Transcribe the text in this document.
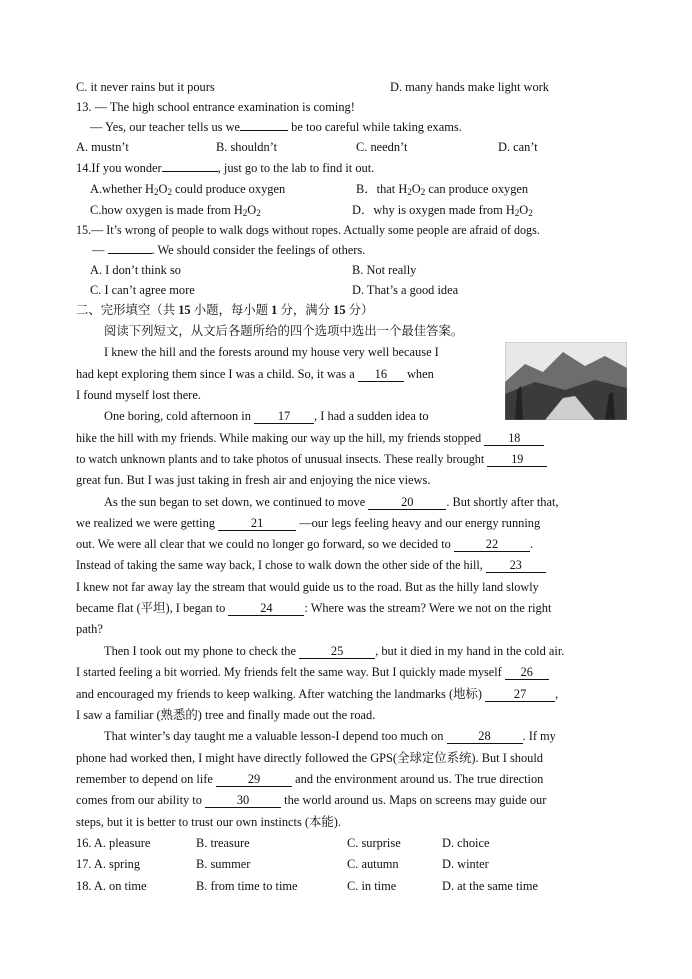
C. it never rains but it pours	D. many hands make light work
13. — The high school entrance examination is coming!
— Yes, our teacher tells us we	be too careful while taking exams.
A. mustn’t	B. shouldn’t	C. needn’t	D. can’t
14.If you wonder	, just go to the lab to find it out.
A.whether $H_2O_2$ could produce oxygen	B．that $H_2O_2$ can produce oxygen
C.how oxygen is made from $H_2O_2$	D．why is oxygen made from $H_2O_2$
15.— It’s wrong of people to walk dogs without ropes. Actually some people are afraid of dogs.
—	. We should consider the feelings of others.
A. I don’t think so	B. Not really
C. I can’t agree more	D. That’s a good idea
二、完形填空（共 15 小题，每小题 1 分，满分 15 分）
阅读下列短文，从文后各题所给的四个选项中选出一个最佳答案。
I knew the hill and the forests around my house very well because I
had kept exploring them since I was a child. So, it was a 16 when
I found myself lost there.
One boring, cold afternoon in 17 , I had a sudden idea to
hike the hill with my friends. While making our way up the hill, my friends stopped 18
to watch unknown plants and to take photos of unusual insects. These really brought 19
great fun. But I was just taking in fresh air and enjoying the nice views.
As the sun began to set down, we continued to move	20	. But shortly after that,
we realized we were getting	21	—our legs feeling heavy and our energy running
out. We were all clear that we could no longer go forward, so we decided to	22	.
Instead of taking the same way back, I chose to walk down the other side of the hill, 23
I knew not far away lay the stream that would guide us to the road. But as the hilly land slowly
became flat (平坦), I began to	24	: Where was the stream? Were we not on the right
path?
Then I took out my phone to check the	25	, but it died in my hand in the cold air.
I started feeling a bit worried. My friends felt the same way. But I quickly made myself 26
and encouraged my friends to keep walking. After watching the landmarks (地标)	27 ,
I saw a familiar (熟悉的) tree and finally made out the road.
That winter’s day taught me a valuable lesson-I depend too much on	28	. If my
phone had worked then, I might have directly followed the GPS(全球定位系统). But I should
remember to depend on life	29	and the environment around us. The true direction
comes from our ability to	30	the world around us. Maps on screens may guide our
steps, but it is better to trust our own instincts (本能).
16. A. pleasure	B. treasure	C. surprise	D. choice
17. A. spring	B. summer	C. autumn	D. winter
18. A. on time	B. from time to time	C. in time	D. at the same time
